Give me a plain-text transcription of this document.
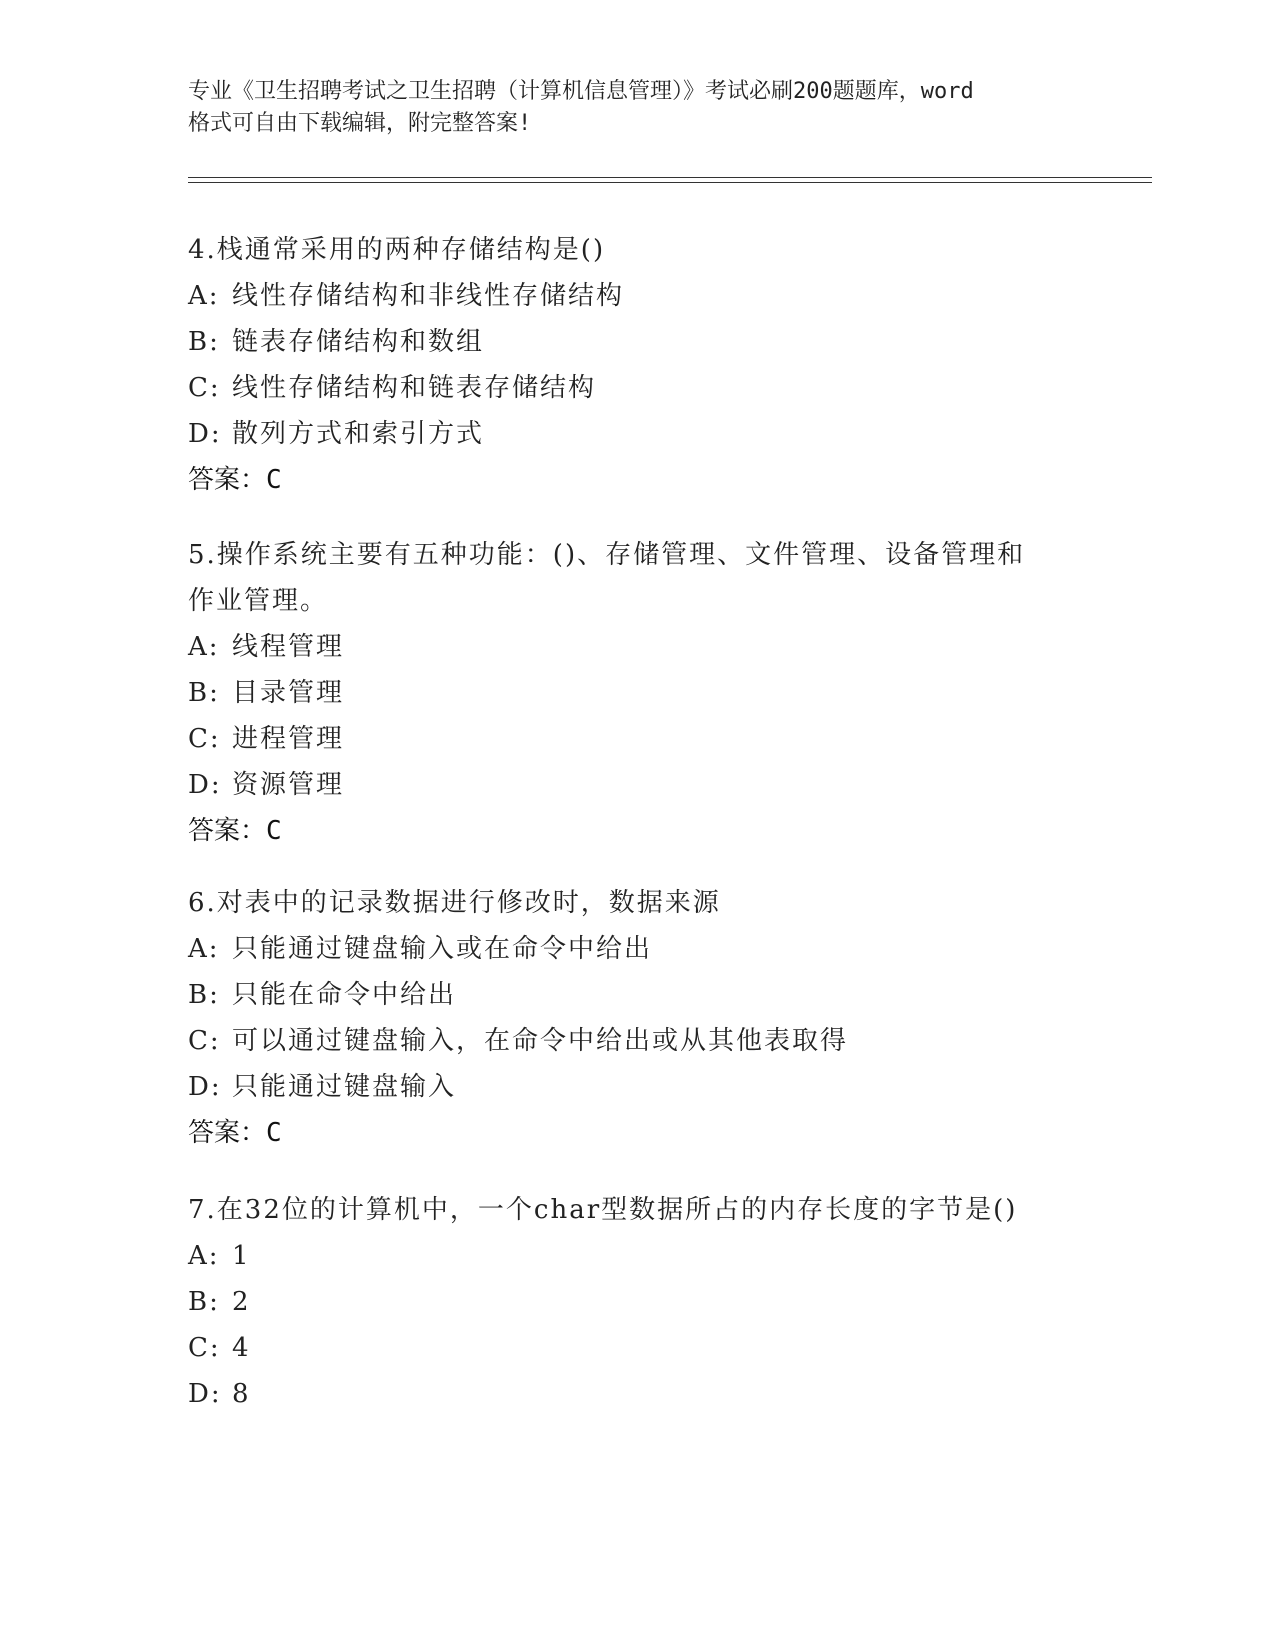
专业《卫生招聘考试之卫生招聘（计算机信息管理）》考试必刷200题题库，word
格式可自由下载编辑，附完整答案!

4.栈通常采用的两种存储结构是()

A: 线性存储结构和非线性存储结构
B: 链表存储结构和数组
C: 线性存储结构和链表存储结构
D: 散列方式和索引方式
答案：C

5.操作系统主要有五种功能：()、存储管理、文件管理、设备管理和

作业管理。

A: 线程管理
B: 目录管理
C: 进程管理
D: 资源管理
答案：C

6.对表中的记录数据进行修改时，数据来源

A: 只能通过键盘输入或在命令中给出
B: 只能在命令中给出
C: 可以通过键盘输入，在命令中给出或从其他表取得
D: 只能通过键盘输入
答案：C

7.在32位的计算机中，一个char型数据所占的内存长度的字节是()

A: 1
B: 2
C: 4
D: 8
